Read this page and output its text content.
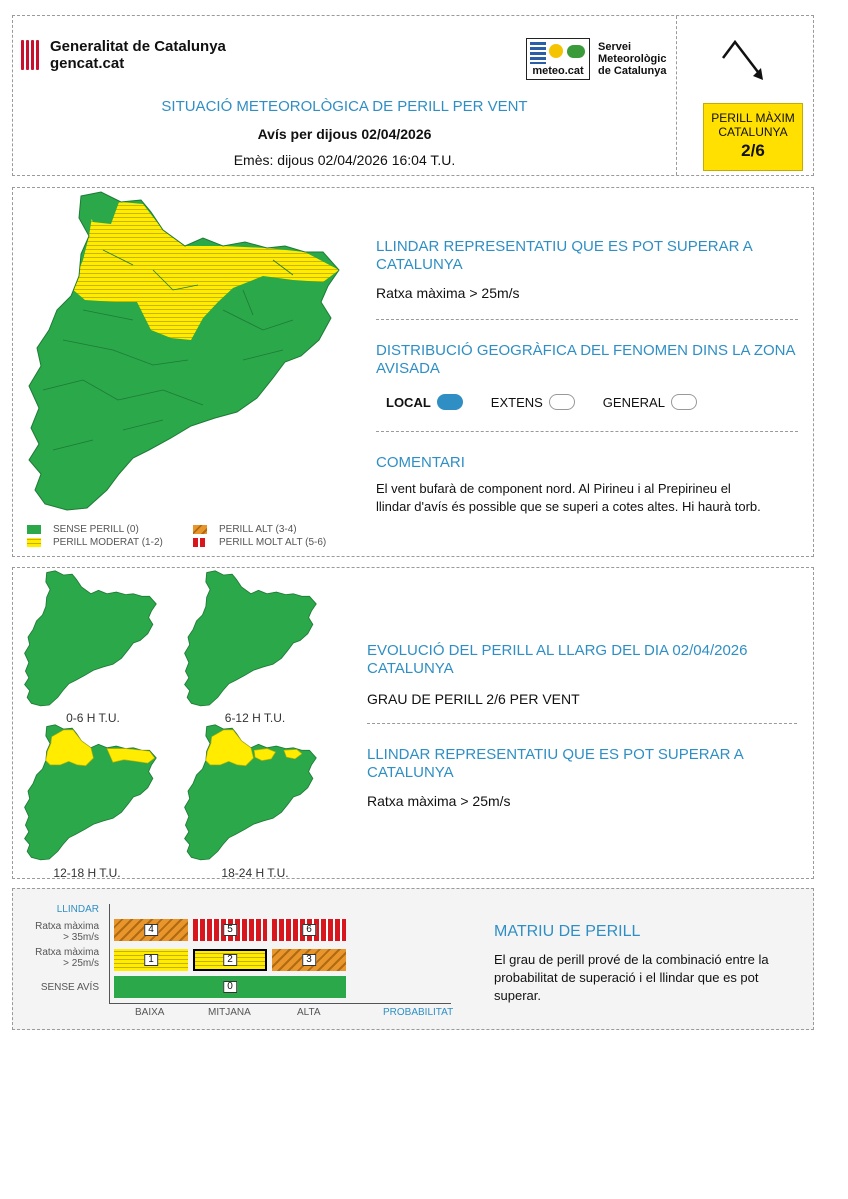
Generalitat de Catalunya
gencat.cat	meteo.cat
Servei
Meteorològic
de Catalunya
SITUACIÓ METEOROLÒGICA DE PERILL PER VENT
Avís per dijous 02/04/2026
Emès: dijous 02/04/2026 16:04 T.U.
PERILL MÀXIM
CATALUNYA
2/6
SENSE PERILL (0)	PERILL ALT (3-4)
PERILL MODERAT (1-2)	PERILL MOLT ALT (5-6)
LLINDAR REPRESENTATIU QUE ES POT SUPERAR A CATALUNYA
Ratxa màxima > 25m/s
DISTRIBUCIÓ GEOGRÀFICA DEL FENOMEN DINS LA ZONA AVISADA
LOCAL	EXTENS	GENERAL
COMENTARI
El vent bufarà de component nord. Al Pirineu i al Prepirineu el llindar d'avís és possible que se superi a cotes altes. Hi haurà torb.
0-6 H T.U.	6-12 H T.U.
12-18 H T.U.	18-24 H T.U.
EVOLUCIÓ DEL PERILL AL LLARG DEL DIA 02/04/2026 CATALUNYA
GRAU DE PERILL 2/6 PER VENT
LLINDAR REPRESENTATIU QUE ES POT SUPERAR A CATALUNYA
Ratxa màxima > 25m/s
LLINDAR
Ratxa màxima
> 35m/s
Ratxa màxima
> 25m/s
SENSE AVÍS
4	5	6
1	2	3
0
BAIXA	MITJANA	ALTA	PROBABILITAT
MATRIU DE PERILL
El grau de perill prové de la combinació entre la probabilitat de superació i el llindar que es pot superar.
